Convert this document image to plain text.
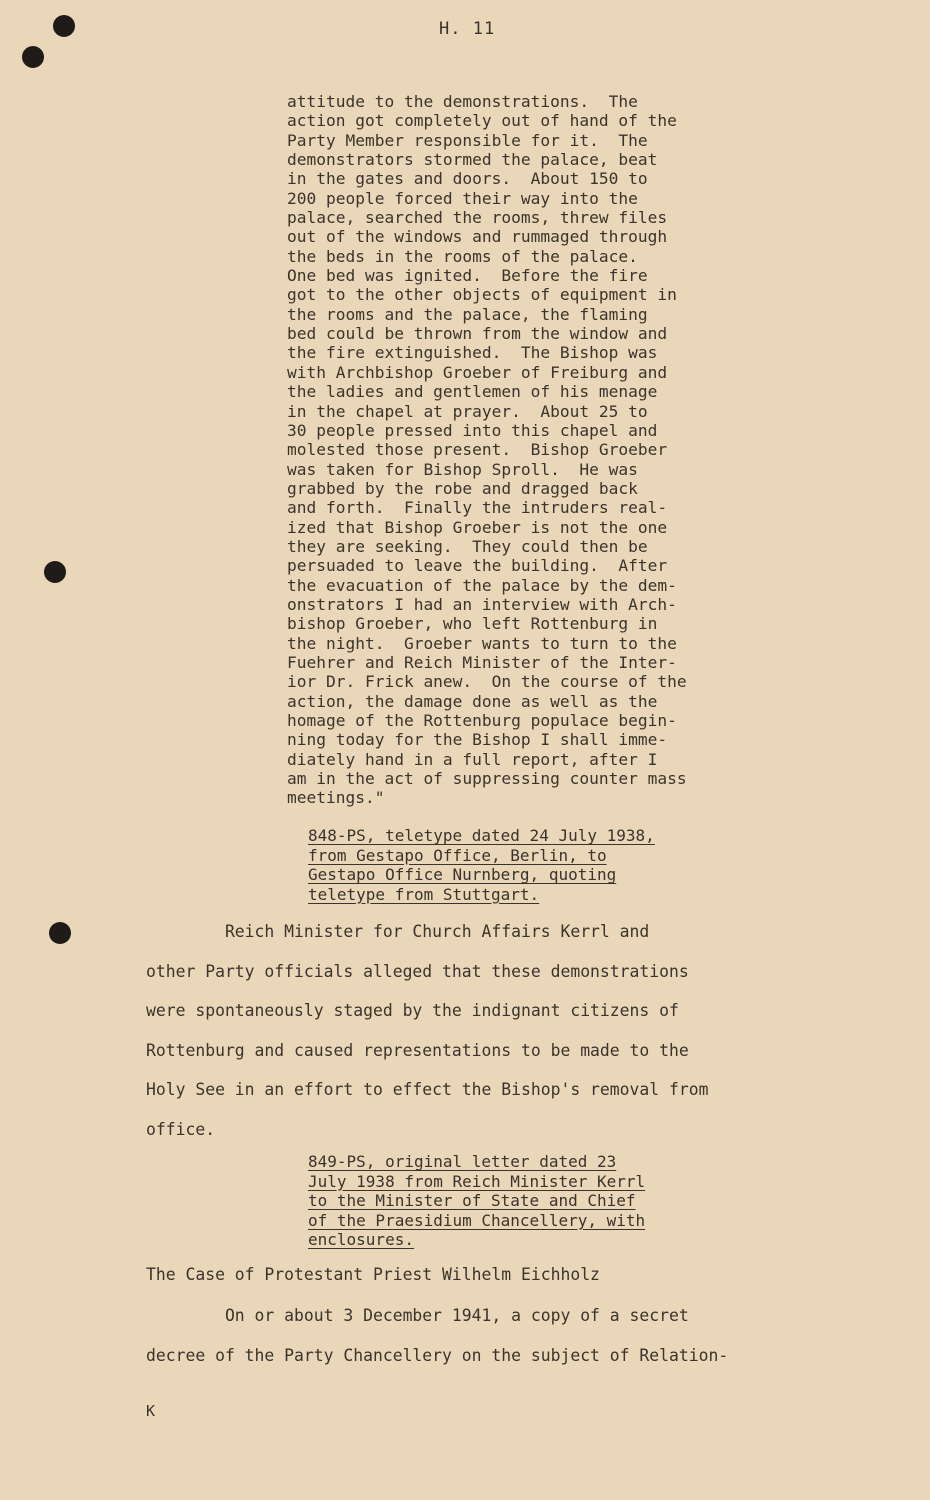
H. 11
attitude to the demonstrations.  The
action got completely out of hand of the
Party Member responsible for it.  The
demonstrators stormed the palace, beat
in the gates and doors.  About 150 to
200 people forced their way into the
palace, searched the rooms, threw files
out of the windows and rummaged through
the beds in the rooms of the palace.
One bed was ignited.  Before the fire
got to the other objects of equipment in
the rooms and the palace, the flaming
bed could be thrown from the window and
the fire extinguished.  The Bishop was
with Archbishop Groeber of Freiburg and
the ladies and gentlemen of his menage
in the chapel at prayer.  About 25 to
30 people pressed into this chapel and
molested those present.  Bishop Groeber
was taken for Bishop Sproll.  He was
grabbed by the robe and dragged back
and forth.  Finally the intruders real-
ized that Bishop Groeber is not the one
they are seeking.  They could then be
persuaded to leave the building.  After
the evacuation of the palace by the dem-
onstrators I had an interview with Arch-
bishop Groeber, who left Rottenburg in
the night.  Groeber wants to turn to the
Fuehrer and Reich Minister of the Inter-
ior Dr. Frick anew.  On the course of the
action, the damage done as well as the
homage of the Rottenburg populace begin-
ning today for the Bishop I shall imme-
diately hand in a full report, after I
am in the act of suppressing counter mass
meetings."
848-PS, teletype dated 24 July 1938,
from Gestapo Office, Berlin, to
Gestapo Office Nurnberg, quoting
teletype from Stuttgart.
Reich Minister for Church Affairs Kerrl and
other Party officials alleged that these demonstrations
were spontaneously staged by the indignant citizens of
Rottenburg and caused representations to be made to the
Holy See in an effort to effect the Bishop's removal from
office.
849-PS, original letter dated 23
July 1938 from Reich Minister Kerrl
to the Minister of State and Chief
of the Praesidium Chancellery, with
enclosures.
The Case of Protestant Priest Wilhelm Eichholz
On or about 3 December 1941, a copy of a secret
decree of the Party Chancellery on the subject of Relation-
K
